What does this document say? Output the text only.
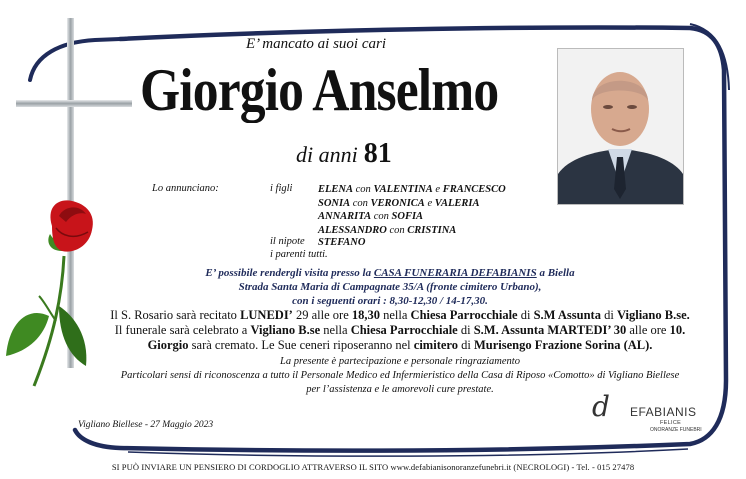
E’ mancato ai suoi cari
Giorgio Anselmo
di anni 81
Lo annunciano:	i figli ELENA con VALENTINA e FRANCESCO
SONIA con VERONICA e VALERIA
ANNARITA con SOFIA
ALESSANDRO con CRISTINA
il nipote STEFANO
i parenti tutti.
E’ possibile rendergli visita presso la CASA FUNERARIA DEFABIANIS a Biella
Strada Santa Maria di Campagnate 35/A (fronte cimitero Urbano),
con i seguenti orari : 8,30-12,30 / 14-17,30.
Il S. Rosario sarà recitato LUNEDI’ 29 alle ore 18,30 nella Chiesa Parrocchiale di S.M Assunta di Vigliano B.se.
Il funerale sarà celebrato a Vigliano B.se nella Chiesa Parrocchiale di S.M. Assunta MARTEDI’ 30 alle ore 10.
Giorgio sarà cremato. Le Sue ceneri riposeranno nel cimitero di Murisengo Frazione Sorina (AL).
La presente è partecipazione e personale ringraziamento
Particolari sensi di riconoscenza a tutto il Personale Medico ed Infermieristico della Casa di Riposo «Comotto» di Vigliano Biellese
per l’assistenza e le amorevoli cure prestate.
Vigliano Biellese - 27 Maggio 2023
d EFABIANIS
FELICE
ONORANZE FUNEBRI
SI PUÒ INVIARE UN PENSIERO DI CORDOGLIO ATTRAVERSO IL SITO www.defabianisonoranzefunebri.it (NECROLOGI) - Tel. - 015 27478
